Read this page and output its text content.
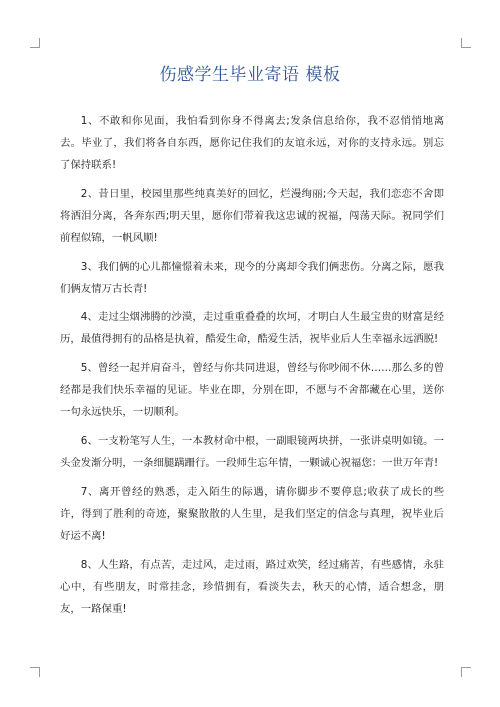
伤感学生毕业寄语 模板

1、不敢和你见面，我怕看到你身不得离去;发条信息给你，我不忍悄悄地离去。毕业了，我们将各自东西，愿你记住我们的友谊永远，对你的支持永远。别忘了保持联系!

2、昔日里，校园里那些纯真美好的回忆，烂漫绚丽;今天起，我们恋恋不舍即将洒泪分离，各奔东西;明天里，愿你们带着我这忠诚的祝福，闯荡天际。祝同学们前程似锦，一帆风顺!

3、我们俩的心儿都憧憬着未来，现今的分离却令我们俩悲伤。分离之际，愿我们俩友情万古长青!

4、走过尘烟沸腾的沙漠，走过重重叠叠的坎坷，才明白人生最宝贵的财富是经历，最值得拥有的品格是执着，酷爱生命，酷爱生活，祝毕业后人生幸福永远洒脱!

5、曾经一起并肩奋斗，曾经与你共同进退，曾经与你吵闹不休……那么多的曾经都是我们快乐幸福的见证。毕业在即，分别在即，不愿与不舍都藏在心里，送你一句永远快乐，一切顺利。

6、一支粉笔写人生，一本教材命中根，一副眼镜两块拼，一张讲桌明如镜。一头金发渐分明，一条细腿蹒跚行。一段师生忘年情，一颗诚心祝福您：一世万年青!

7、离开曾经的熟悉，走入陌生的际遇，请你脚步不要停息;收获了成长的些许，得到了胜利的奇迹，聚聚散散的人生里，是我们坚定的信念与真理，祝毕业后好运不离!

8、人生路，有点苦，走过风，走过雨，路过欢笑，经过痛苦，有些感情，永驻心中，有些朋友，时常挂念，珍惜拥有，看淡失去，秋天的心情，适合想念，朋友，一路保重!
